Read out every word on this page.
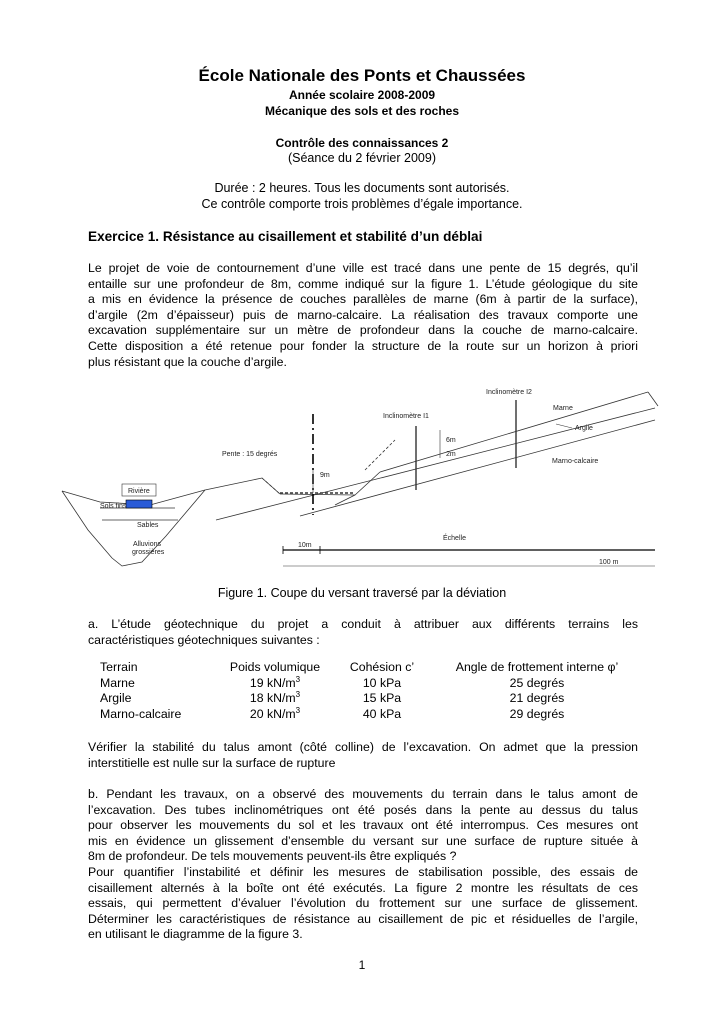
École Nationale des Ponts et Chaussées
Année scolaire 2008-2009
Mécanique des sols et des roches
Contrôle des connaissances 2
(Séance du 2 février 2009)
Durée : 2 heures. Tous les documents sont autorisés.
Ce contrôle comporte trois problèmes d’égale importance.
Exercice 1. Résistance au cisaillement et stabilité d’un déblai
Le projet de voie de contournement d’une ville est tracé dans une pente de 15 degrés, qu’il
entaille sur une profondeur de 8m, comme indiqué sur la figure 1. L’étude géologique du site
a mis en évidence la présence de couches parallèles de marne (6m à partir de la surface),
d’argile (2m d’épaisseur) puis de marno-calcaire. La réalisation des travaux comporte une
excavation supplémentaire sur un mètre de profondeur dans la couche de marno-calcaire.
Cette disposition a été retenue pour fonder la structure de la route sur un horizon à priori
plus résistant que la couche d’argile.
Inclinomètre I2
Inclinomètre I1
Marne
Argile
Marno-calcaire
6m
2m
Pente : 15 degrés
9m
Rivière
Sols fins
Sables
Alluvions
grossières
Échelle
10m
100 m
Figure 1. Coupe du versant traversé par la déviation
a. L’étude géotechnique du projet a conduit à attribuer aux différents terrains les
caractéristiques géotechniques suivantes :
Terrain	Poids volumique	Cohésion c’	Angle de frottement interne φ’
Marne	19 $kN/m^3$	10 kPa	25 degrés
Argile	18 $kN/m^3$	15 kPa	21 degrés
Marno-calcaire	20 $kN/m^3$	40 kPa	29 degrés
Vérifier la stabilité du talus amont (côté colline) de l’excavation. On admet que la pression
interstitielle est nulle sur la surface de rupture
b. Pendant les travaux, on a observé des mouvements du terrain dans le talus amont de
l’excavation. Des tubes inclinométriques ont été posés dans la pente au dessus du talus
pour observer les mouvements du sol et les travaux ont été interrompus. Ces mesures ont
mis en évidence un glissement d’ensemble du versant sur une surface de rupture située à
8m de profondeur. De tels mouvements peuvent-ils être expliqués ?
Pour quantifier l’instabilité et définir les mesures de stabilisation possible, des essais de
cisaillement alternés à la boîte ont été exécutés. La figure 2 montre les résultats de ces
essais, qui permettent d’évaluer l’évolution du frottement sur une surface de glissement.
Déterminer les caractéristiques de résistance au cisaillement de pic et résiduelles de l’argile,
en utilisant le diagramme de la figure 3.
1
